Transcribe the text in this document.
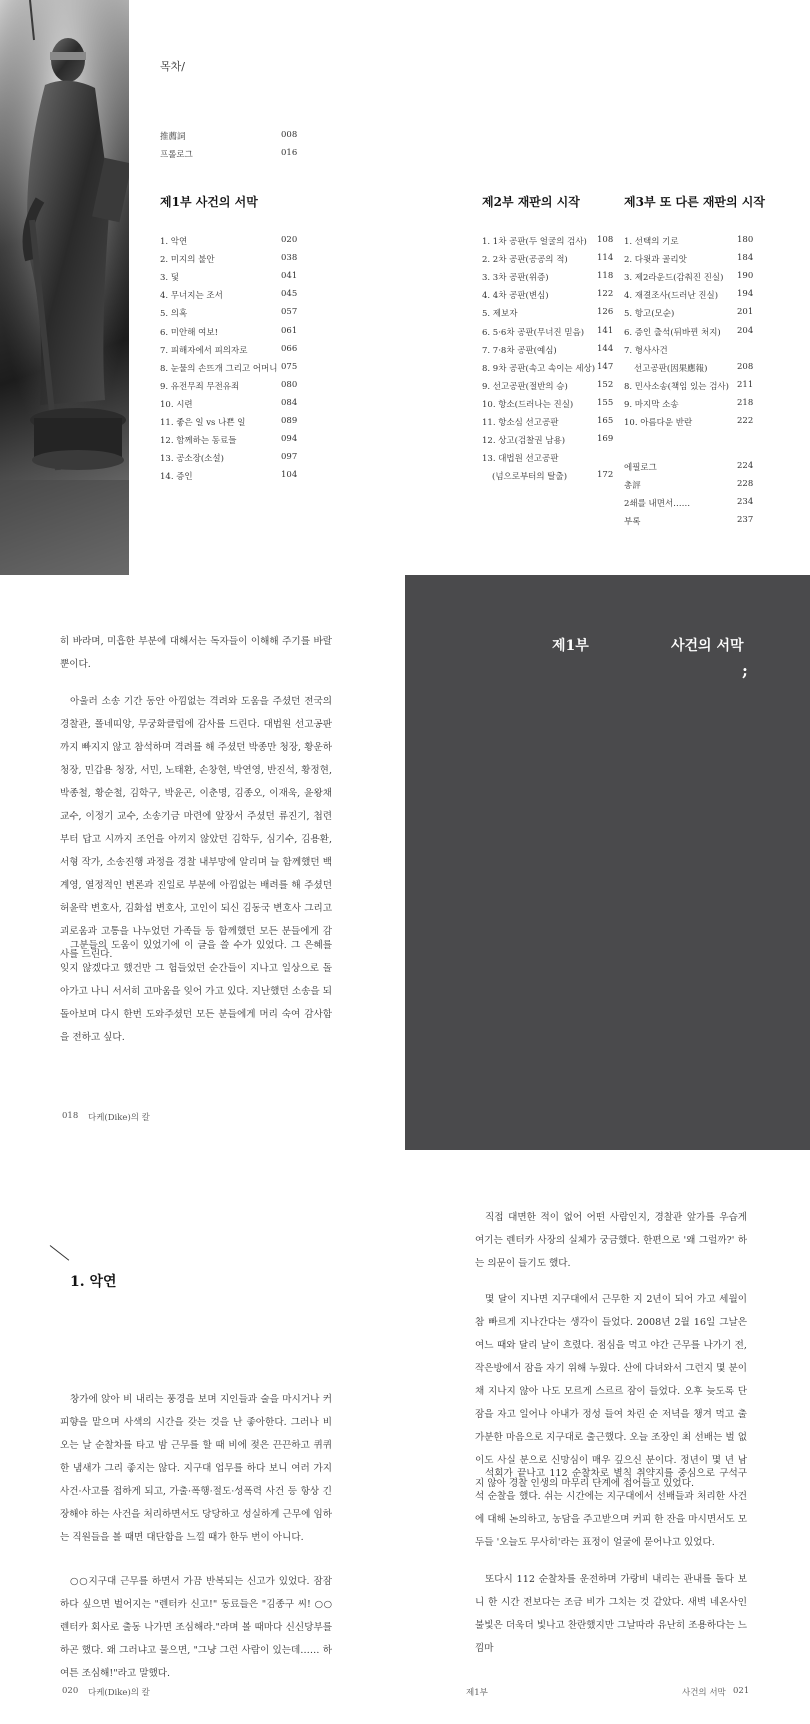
목차/
推薦詞	008
프롤로그	016
제1부 사건의 서막
1. 악연	020
2. 미지의 불안	038
3. 덫	041
4. 무너지는 조서	045
5. 의혹	057
6. 미안해 여보!	061
7. 피해자에서 피의자로	066
8. 눈물의 손뜨개 그리고 어머니 075
9. 유전무죄 무전유죄	080
10. 시련	084
11. 좋은 일 vs 나쁜 일	089
12. 함께하는 동료들	094
13. 공소장(소설)	097
14. 증인	104
제2부 재판의 시작
1. 1차 공판(두 얼굴의 검사) 108
2. 2차 공판(공공의 적)	114
3. 3차 공판(위증)	118
4. 4차 공판(변심)	122
5. 제보자	126
6. 5·6차 공판(무너진 믿음) 141
7. 7·8차 공판(예심)	144
8. 9차 공판(속고 속이는 세상) 147
9. 선고공판(절반의 승)	152
10. 항소(드러나는 진실)	155
11. 항소심 선고공판	165
12. 상고(검찰권 남용)	169
13. 대법원 선고공판
(넘으로부터의 탈출)	172
제3부 또 다른 재판의 시작
1. 선택의 기로	180
2. 다윗과 골리앗	184
3. 제2라운드(감춰진 진실) 190
4. 재결조사(드러난 진실) 194
5. 항고(모순)	201
6. 증인 출석(뒤바뀐 처지) 204
7. 형사사건
선고공판(因果應報)	208
8. 민사소송(책임 있는 검사) 211
9. 마지막 소송	218
10. 아름다운 반란	222
에필로그	224
총評	228
2쇄를 내면서……	234
부록	237
히 바라며, 미흡한 부분에 대해서는 독자들이 이해해 주기를 바랄 뿐이다.
아울러 소송 기간 동안 아낌없는 격려와 도움을 주셨던 전국의 경찰관, 폴네띠앙, 무궁화클럽에 감사를 드린다. 대법원 선고공판까지 빠지지 않고 참석하며 격려를 해 주셨던 박종만 청장, 황운하 청장, 민갑용 청장, 서민, 노태환, 손창현, 박연영, 반진석, 황정현, 박종철, 황순철, 김학구, 박윤곤, 이춘명, 김종오, 이재욱, 윤왕채 교수, 이정기 교수, 소송기금 마련에 앞장서 주셨던 류진기, 첩련부터 답고 시까지 조언을 아끼지 않았던 김학두, 심기수, 김용환, 서형 작가, 소송진행 과정을 경찰 내부망에 알리며 늘 함께했던 백계영, 열정적인 변론과 진일로 부분에 아낌없는 배려를 해 주셨던 허윤락 변호사, 김화섭 변호사, 고인이 되신 김동국 변호사 그리고 괴로움과 고통을 나누었던 가족들 등 함께했던 모든 분들에게 감사를 드린다.
그분들의 도움이 있었기에 이 글을 쓸 수가 있었다. 그 은혜를 잊지 않겠다고 했건만 그 험들었던 순간들이 지나고 일상으로 돌아가고 나니 서서히 고마움을 잊어 가고 있다. 지난했던 소송을 되돌아보며 다시 한번 도와주셨던 모든 분들에게 머리 숙여 감사함을 전하고 싶다.
018 다케(Dike)의 칼
제1부	사건의 서막
;
1. 악연
창가에 앉아 비 내리는 풍경을 보며 지인들과 술을 마시거나 커피향을 맡으며 사색의 시간을 갖는 것을 난 좋아한다. 그러나 비 오는 날 순찰차를 타고 밤 근무를 할 때 비에 젖은 끈끈하고 퀴퀴한 냄새가 그리 좋지는 않다. 지구대 업무를 하다 보니 여러 가지 사건·사고를 접하게 되고, 가출·폭행·절도·성폭력 사건 등 항상 긴장해야 하는 사건을 처리하면서도 당당하고 성실하게 근무에 임하는 직원들을 볼 때면 대단함을 느낄 때가 한두 번이 아니다.
○○지구대 근무를 하면서 가끔 반복되는 신고가 있었다. 잠잠하다 싶으면 벌어지는 "렌터카 신고!" 동료들은 "김종구 씨! ○○렌터카 회사로 출동 나가면 조심해라."라며 볼 때마다 신신당부를 하곤 했다. 왜 그러냐고 물으면, "그냥 그런 사람이 있는데…… 하여튼 조심해!"라고 말했다.
020 다케(Dike)의 칼
직접 대면한 적이 없어 어떤 사람인지, 경찰관 앞가를 우습게 여기는 렌터카 사장의 실체가 궁금했다. 한편으로 '왜 그럴까?' 하는 의문이 들기도 했다.
몇 달이 지나면 지구대에서 근무한 지 2년이 되어 가고 세월이 참 빠르게 지나간다는 생각이 들었다. 2008년 2월 16일 그날은 여느 때와 달리 날이 흐렸다. 점심을 먹고 야간 근무를 나가기 전, 작은방에서 잠을 자기 위해 누웠다. 산에 다녀와서 그런지 몇 분이 채 지나지 않아 나도 모르게 스르르 잠이 들었다. 오후 늦도록 단잠을 자고 일어나 아내가 정성 들여 차린 순 저녁을 챙겨 먹고 출가분한 마음으로 지구대로 출근했다. 오늘 조장인 최 선배는 벌 없이도 사실 분으로 신망심이 매우 깊으신 분이다. 정년이 몇 년 남지 않아 경찰 인생의 마무리 단계에 접어들고 있었다.
석회가 끝나고 112 순찰차로 별칙 취약지를 중심으로 구석구석 순찰을 했다. 쉬는 시간에는 지구대에서 선배들과 처리한 사건에 대해 논의하고, 농담을 주고받으며 커피 한 잔을 마시면서도 모두들 '오늘도 무사히'라는 표정이 얼굴에 묻어나고 있었다.
또다시 112 순찰차를 운전하며 가랑비 내리는 관내를 돌다 보니 한 시간 전보다는 조금 비가 그치는 것 같았다. 새벽 네온사인 불빛은 더욱더 빛나고 찬란했지만 그날따라 유난히 조용하다는 느낌마
제1부	사건의 서막 021
